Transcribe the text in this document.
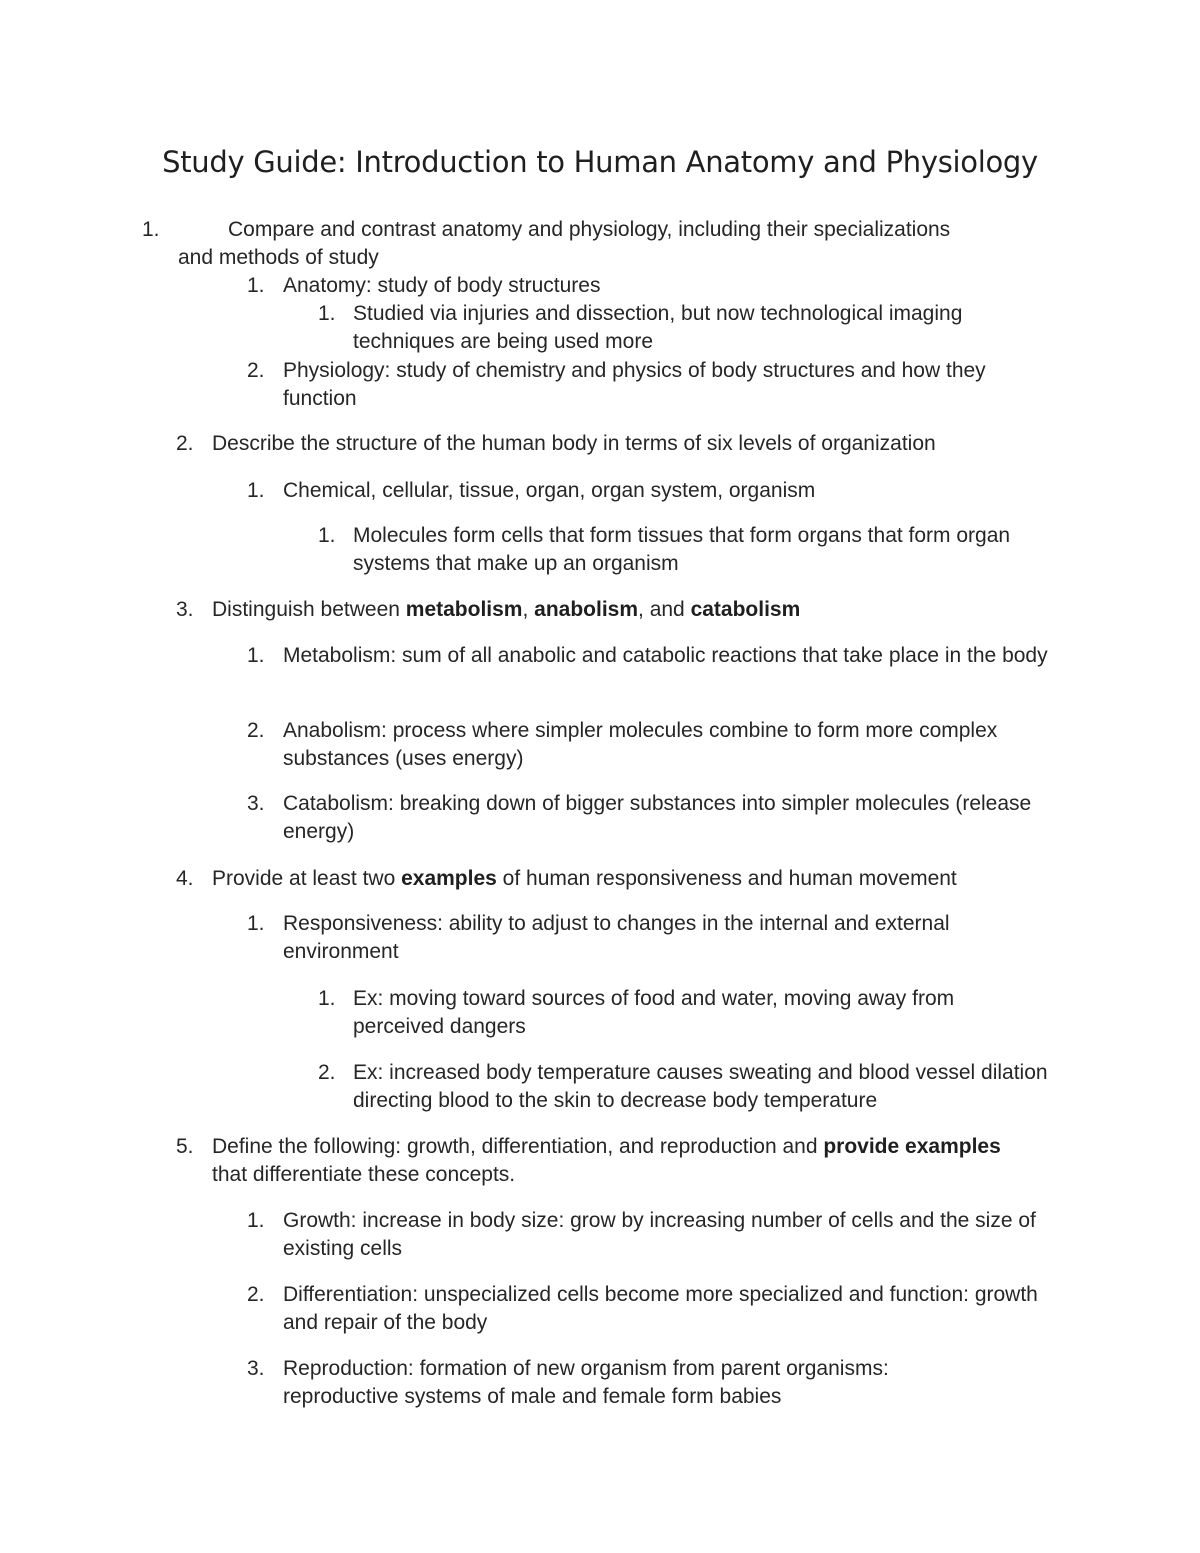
Study Guide: Introduction to Human Anatomy and Physiology
1.	Compare and contrast anatomy and physiology, including their specializations
and methods of study
1. Anatomy: study of body structures
1. Studied via injuries and dissection, but now technological imaging techniques are being used more
2. Physiology: study of chemistry and physics of body structures and how they function
2. Describe the structure of the human body in terms of six levels of organization
1. Chemical, cellular, tissue, organ, organ system, organism
1. Molecules form cells that form tissues that form organs that form organ systems that make up an organism
3. Distinguish between metabolism, anabolism, and catabolism
1. Metabolism: sum of all anabolic and catabolic reactions that take place in the body
2. Anabolism: process where simpler molecules combine to form more complex substances (uses energy)
3. Catabolism: breaking down of bigger substances into simpler molecules (release energy)
4. Provide at least two examples of human responsiveness and human movement
1. Responsiveness: ability to adjust to changes in the internal and external environment
1. Ex: moving toward sources of food and water, moving away from perceived dangers
2. Ex: increased body temperature causes sweating and blood vessel dilation directing blood to the skin to decrease body temperature
5. Define the following: growth, differentiation, and reproduction and provide examples that differentiate these concepts.
1. Growth: increase in body size: grow by increasing number of cells and the size of existing cells
2. Differentiation: unspecialized cells become more specialized and function: growth and repair of the body
3. Reproduction: formation of new organism from parent organisms: reproductive systems of male and female form babies
